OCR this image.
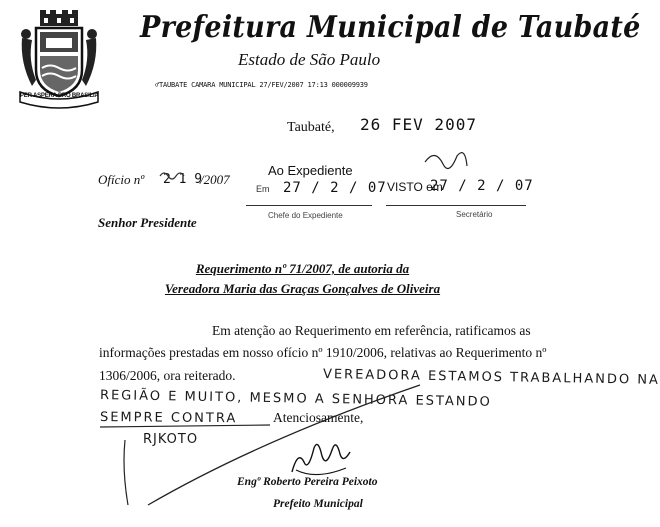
PER ASPERA PRO BRASILIA
Prefeitura Municipal de Taubaté
Estado de São Paulo
♂TAUBATE CAMARA MUNICIPAL 27/FEV/2007 17:13 000009939
Taubaté, 26 FEV 2007
Ofício nº 2 1 9
/2007
Ao Expediente
Em 27 / 2 / 07 VISTO em
27 / 2 / 07
Chefe do Expediente	Secretário
Senhor Presidente
Requerimento nº 71/2007, de autoria da
Vereadora Maria das Graças Gonçalves de Oliveira
Em atenção ao Requerimento em referência, ratificamos as
informações prestadas em nosso ofício nº 1910/2006, relativas ao Requerimento nº
1306/2006, ora reiterado.	VEREADORA ESTAMOS TRABALHANDO NA
REGIÃO E MUITO, MESMO A SENHORA ESTANDO
SEMPRE CONTRA
RJKOTO
Atenciosamente,
Engº Roberto Pereira Peixoto
Prefeito Municipal
